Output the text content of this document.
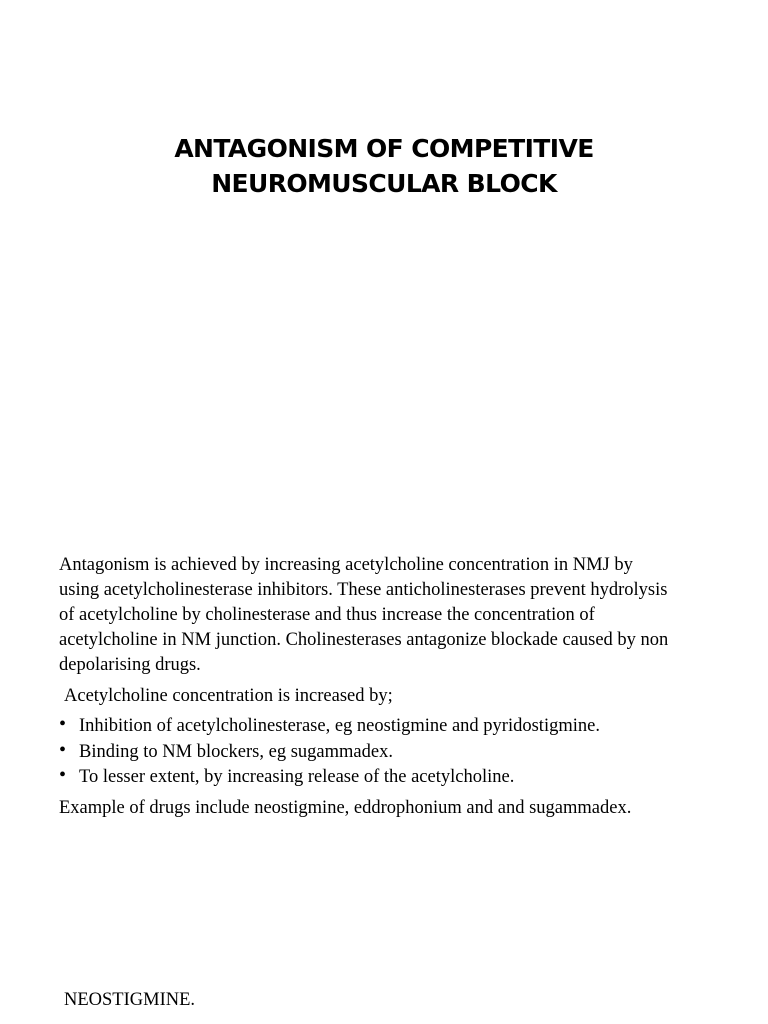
ANTAGONISM OF COMPETITIVE
NEUROMUSCULAR BLOCK
Antagonism is achieved by increasing acetylcholine concentration in NMJ by
using acetylcholinesterase inhibitors. These anticholinesterases prevent hydrolysis
of acetylcholine by cholinesterase and thus increase the concentration of
acetylcholine in NM junction. Cholinesterases antagonize blockade caused by non
depolarising drugs.
Acetylcholine concentration is increased by;
• Inhibition of acetylcholinesterase, eg neostigmine and pyridostigmine.
• Binding to NM blockers, eg sugammadex.
• To lesser extent, by increasing release of the acetylcholine.
Example of drugs include neostigmine, eddrophonium and and sugammadex.
NEOSTIGMINE.
